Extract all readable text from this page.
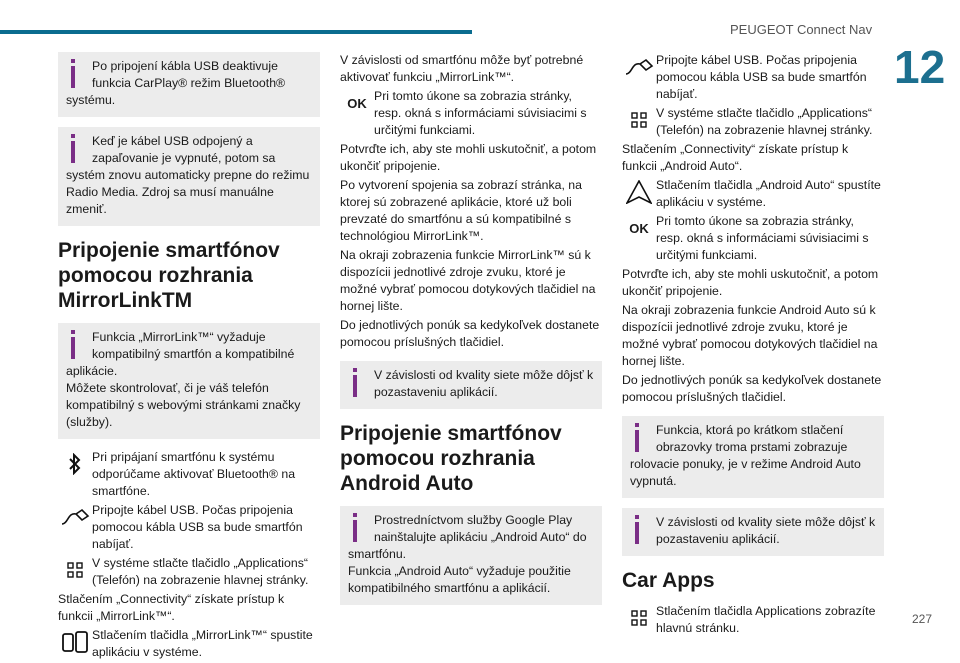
PEUGEOT Connect Nav
12
227
Po pripojení kábla USB deaktivuje funkcia CarPlay® režim Bluetooth® systému.
Keď je kábel USB odpojený a zapaľovanie je vypnuté, potom sa systém znovu automaticky prepne do režimu Radio Media. Zdroj sa musí manuálne zmeniť.
Pripojenie smartfónov pomocou rozhrania MirrorLinkTM
Funkcia „MirrorLink™“ vyžaduje kompatibilný smartfón a kompatibilné aplikácie.
Môžete skontrolovať, či je váš telefón kompatibilný s webovými stránkami značky (služby).
Pri pripájaní smartfónu k systému odporúčame aktivovať Bluetooth® na smartfóne.
Pripojte kábel USB. Počas pripojenia pomocou kábla USB sa bude smartfón nabíjať.
V systéme stlačte tlačidlo „Applications“ (Telefón) na zobrazenie hlavnej stránky.
Stlačením „Connectivity“ získate prístup k funkcii „MirrorLink™“.
Stlačením tlačidla „MirrorLink™“ spustite aplikáciu v systéme.
V závislosti od smartfónu môže byť potrebné aktivovať funkciu „MirrorLink™“.
OK Pri tomto úkone sa zobrazia stránky, resp. okná s informáciami súvisiacimi s určitými funkciami.
Potvrďte ich, aby ste mohli uskutočniť, a potom ukončiť pripojenie.
Po vytvorení spojenia sa zobrazí stránka, na ktorej sú zobrazené aplikácie, ktoré už boli prevzaté do smartfónu a sú kompatibilné s technológiou MirrorLink™.
Na okraji zobrazenia funkcie MirrorLink™ sú k dispozícii jednotlivé zdroje zvuku, ktoré je možné vybrať pomocou dotykových tlačidiel na hornej lište.
Do jednotlivých ponúk sa kedykoľvek dostanete pomocou príslušných tlačidiel.
V závislosti od kvality siete môže dôjsť k pozastaveniu aplikácií.
Pripojenie smartfónov pomocou rozhrania Android Auto
Prostredníctvom služby Google Play nainštalujte aplikáciu „Android Auto“ do smartfónu.
Funkcia „Android Auto“ vyžaduje použitie kompatibilného smartfónu a aplikácií.
Pripojte kábel USB. Počas pripojenia pomocou kábla USB sa bude smartfón nabíjať.
V systéme stlačte tlačidlo „Applications“ (Telefón) na zobrazenie hlavnej stránky.
Stlačením „Connectivity“ získate prístup k funkcii „Android Auto“.
Stlačením tlačidla „Android Auto“ spustíte aplikáciu v systéme.
OK Pri tomto úkone sa zobrazia stránky, resp. okná s informáciami súvisiacimi s určitými funkciami.
Potvrďte ich, aby ste mohli uskutočniť, a potom ukončiť pripojenie.
Na okraji zobrazenia funkcie Android Auto sú k dispozícii jednotlivé zdroje zvuku, ktoré je možné vybrať pomocou dotykových tlačidiel na hornej lište.
Do jednotlivých ponúk sa kedykoľvek dostanete pomocou príslušných tlačidiel.
Funkcia, ktorá po krátkom stlačení obrazovky troma prstami zobrazuje rolovacie ponuky, je v režime Android Auto vypnutá.
V závislosti od kvality siete môže dôjsť k pozastaveniu aplikácií.
Car Apps
Stlačením tlačidla Applications zobrazíte hlavnú stránku.
